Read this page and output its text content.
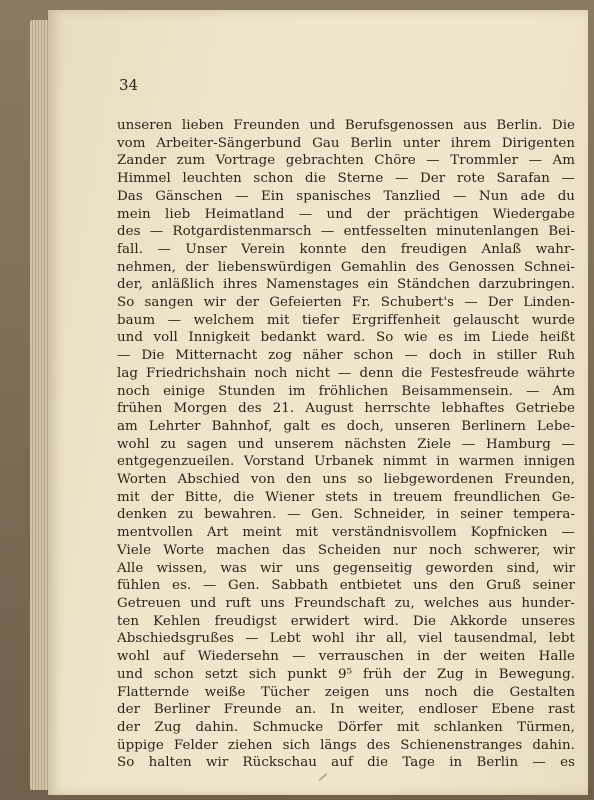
34
unseren lieben Freunden und Berufsgenossen aus Berlin. Die
vom Arbeiter-Sängerbund Gau Berlin unter ihrem Dirigenten
Zander zum Vortrage gebrachten Chöre — Trommler — Am
Himmel leuchten schon die Sterne — Der rote Sarafan —
Das Gänschen — Ein spanisches Tanzlied — Nun ade du
mein lieb Heimatland — und der prächtigen Wiedergabe
des — Rotgardistenmarsch — entfesselten minutenlangen Bei-
fall. — Unser Verein konnte den freudigen Anlaß wahr-
nehmen, der liebenswürdigen Gemahlin des Genossen Schnei-
der, anläßlich ihres Namenstages ein Ständchen darzubringen.
So sangen wir der Gefeierten Fr. Schubert's — Der Linden-
baum — welchem mit tiefer Ergriffenheit gelauscht wurde
und voll Innigkeit bedankt ward. So wie es im Liede heißt
— Die Mitternacht zog näher schon — doch in stiller Ruh
lag Friedrichshain noch nicht — denn die Festesfreude währte
noch einige Stunden im fröhlichen Beisammensein. — Am
frühen Morgen des 21. August herrschte lebhaftes Getriebe
am Lehrter Bahnhof, galt es doch, unseren Berlinern Lebe-
wohl zu sagen und unserem nächsten Ziele — Hamburg —
entgegenzueilen. Vorstand Urbanek nimmt in warmen innigen
Worten Abschied von den uns so liebgewordenen Freunden,
mit der Bitte, die Wiener stets in treuem freundlichen Ge-
denken zu bewahren. — Gen. Schneider, in seiner tempera-
mentvollen Art meint mit verständnisvollem Kopfnicken —
Viele Worte machen das Scheiden nur noch schwerer, wir
Alle wissen, was wir uns gegenseitig geworden sind, wir
fühlen es. — Gen. Sabbath entbietet uns den Gruß seiner
Getreuen und ruft uns Freundschaft zu, welches aus hunder-
ten Kehlen freudigst erwidert wird. Die Akkorde unseres
Abschiedsgrußes — Lebt wohl ihr all, viel tausendmal, lebt
wohl auf Wiedersehn — verrauschen in der weiten Halle
und schon setzt sich punkt 9⁵ früh der Zug in Bewegung.
Flatternde weiße Tücher zeigen uns noch die Gestalten
der Berliner Freunde an. In weiter, endloser Ebene rast
der Zug dahin. Schmucke Dörfer mit schlanken Türmen,
üppige Felder ziehen sich längs des Schienenstranges dahin.
So halten wir Rückschau auf die Tage in Berlin — es
